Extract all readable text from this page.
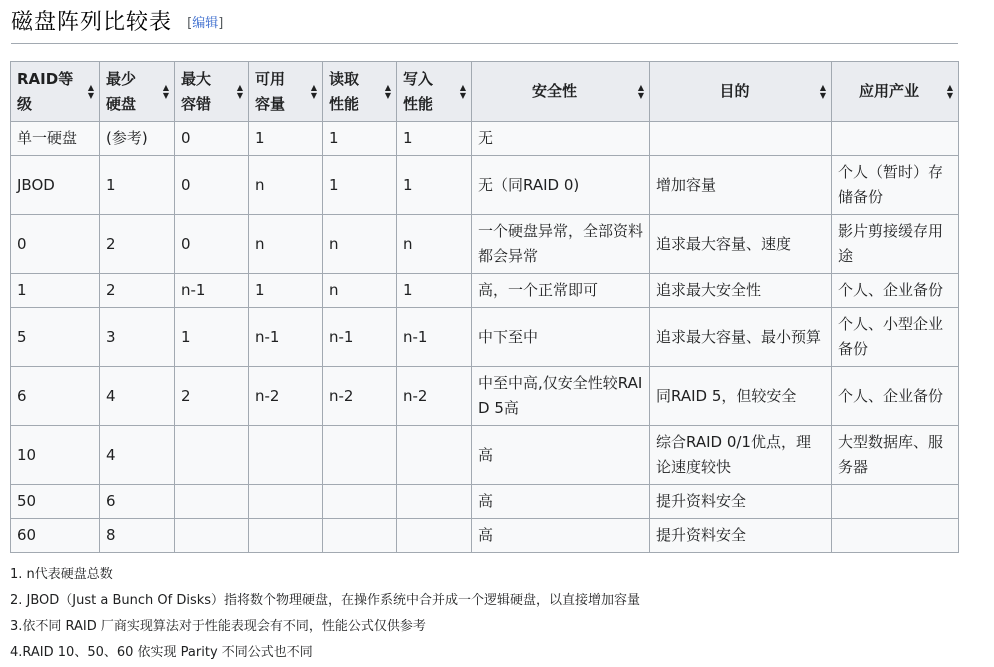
磁盘阵列比较表 [编辑]
RAID等
级
▲
▼	最少
硬盘
▲
▼	最大
容错
▲
▼	可用
容量
▲
▼	读取
性能
▲
▼	写入
性能
▲
▼	安全性 ▲
▼	目的 ▲
▼	应用产业 ▲
▼

单一硬盘	(参考)	0	1	1	1	无		
JBOD	1	0	n	1	1	无（同RAID 0)	增加容量	个人（暂时）存储备份
0	2	0	n	n	n	一个硬盘异常，全部资料都会异常	追求最大容量、速度	影片剪接缓存用途
1	2	n-1	1	n	1	高，一个正常即可	追求最大安全性	个人、企业备份
5	3	1	n-1	n-1	n-1	中下至中	追求最大容量、最小预算	个人、小型企业备份
6	4	2	n-2	n-2	n-2	中至中高,仅安全性较RAID 5高	同RAID 5，但较安全	个人、企业备份
10	4					高	综合RAID 0/1优点，理论速度较快	大型数据库、服务器
50	6					高	提升资料安全	
60	8					高	提升资料安全	
1. n代表硬盘总数
2. JBOD（Just a Bunch Of Disks）指将数个物理硬盘，在操作系统中合并成一个逻辑硬盘，以直接增加容量
3.依不同 RAID 厂商实现算法对于性能表现会有不同，性能公式仅供参考
4.RAID 10、50、60 依实现 Parity 不同公式也不同
